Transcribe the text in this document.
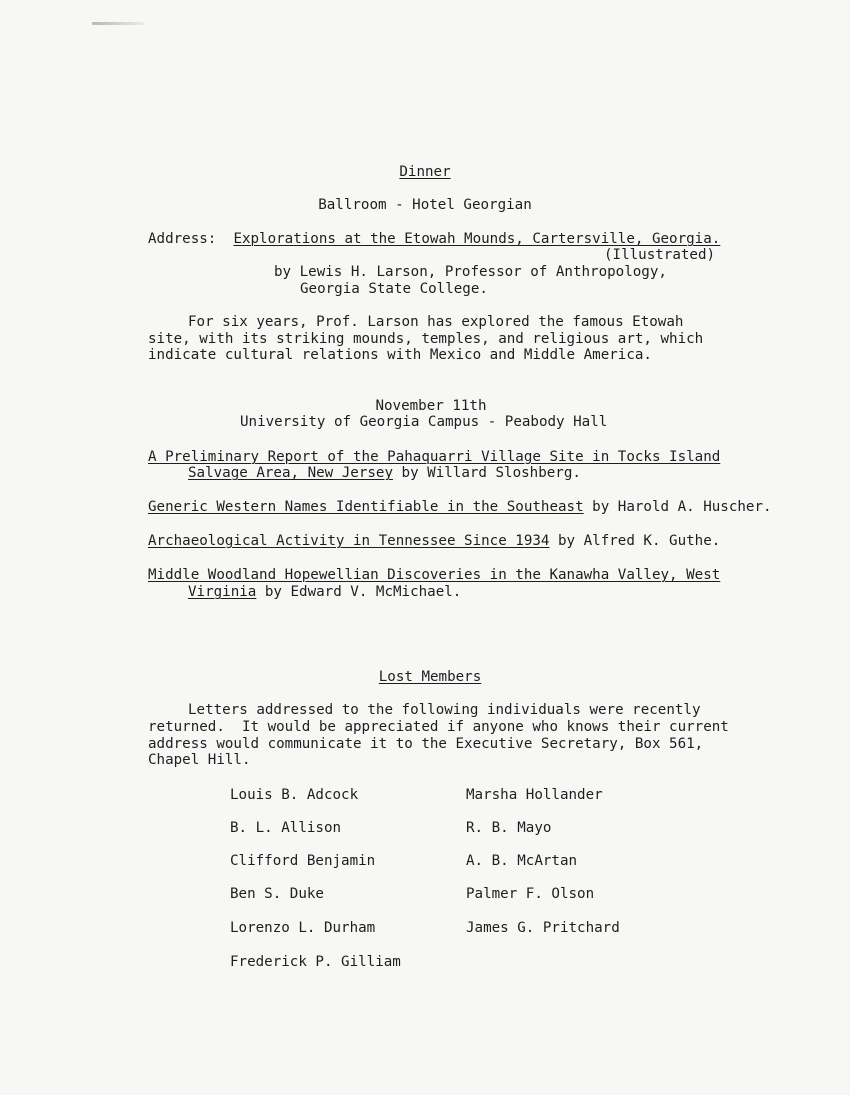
Dinner
Ballroom - Hotel Georgian
Address: Explorations at the Etowah Mounds, Cartersville, Georgia.
(Illustrated)
by Lewis H. Larson, Professor of Anthropology,
Georgia State College.
For six years, Prof. Larson has explored the famous Etowah
site, with its striking mounds, temples, and religious art, which
indicate cultural relations with Mexico and Middle America.
November 11th
University of Georgia Campus - Peabody Hall
A Preliminary Report of the Pahaquarri Village Site in Tocks Island
Salvage Area, New Jersey by Willard Sloshberg.
Generic Western Names Identifiable in the Southeast by Harold A. Huscher.
Archaeological Activity in Tennessee Since 1934 by Alfred K. Guthe.
Middle Woodland Hopewellian Discoveries in the Kanawha Valley, West
Virginia by Edward V. McMichael.
Lost Members
Letters addressed to the following individuals were recently
returned.  It would be appreciated if anyone who knows their current
address would communicate it to the Executive Secretary, Box 561,
Chapel Hill.
Louis B. Adcock
B. L. Allison
Clifford Benjamin
Ben S. Duke
Lorenzo L. Durham
Frederick P. Gilliam
Marsha Hollander
R. B. Mayo
A. B. McArtan
Palmer F. Olson
James G. Pritchard
